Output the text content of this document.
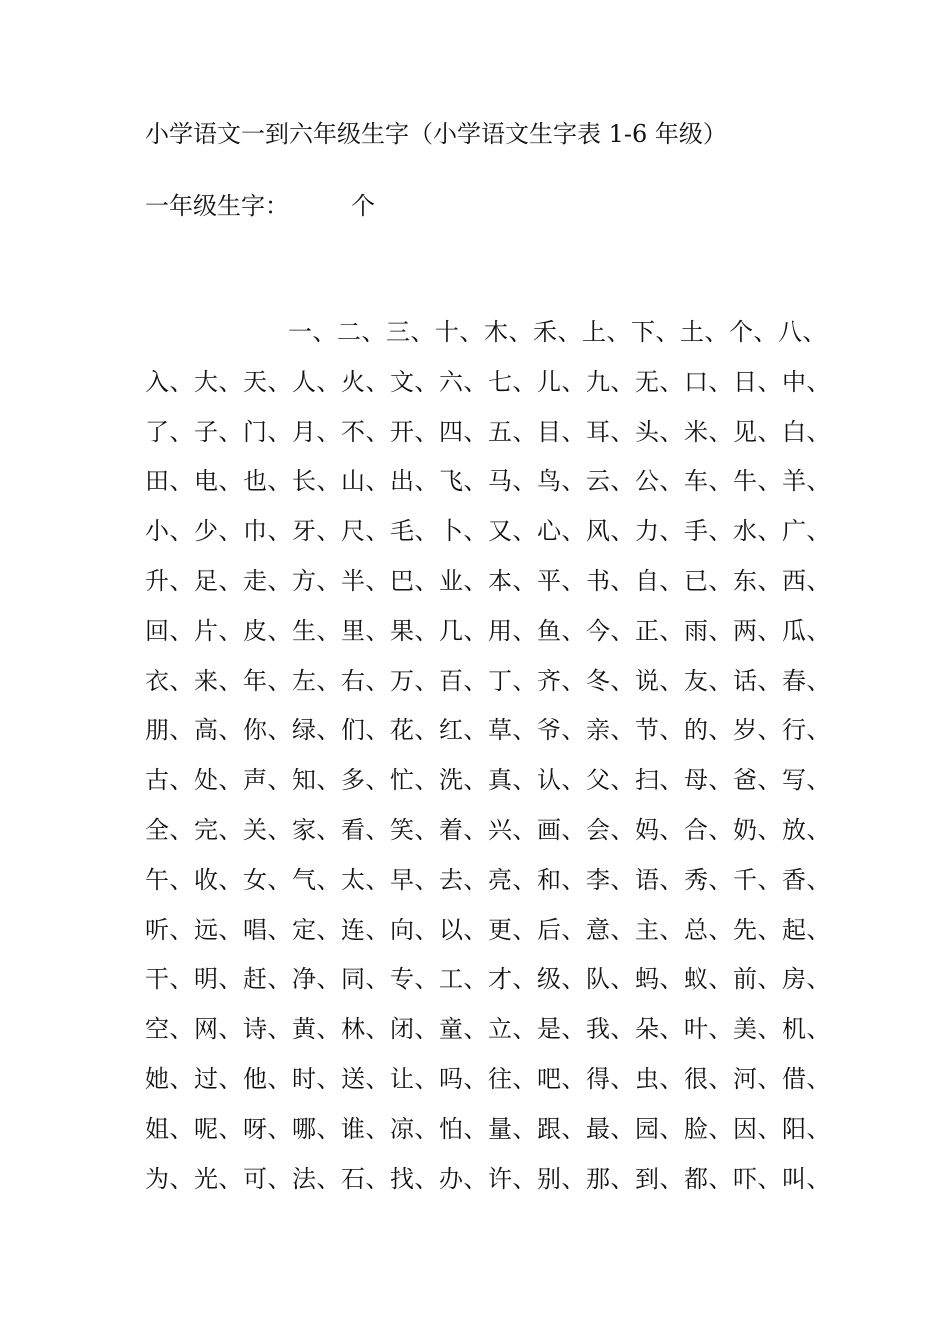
小学语文一到六年级生字（小学语文生字表 1-6 年级）
一年级生字：	个
一、二、三、十、木、禾、上、下、土、个、八、
入、大、天、人、火、文、六、七、儿、九、无、口、日、中、
了、子、门、月、不、开、四、五、目、耳、头、米、见、白、
田、电、也、长、山、出、飞、马、鸟、云、公、车、牛、羊、
小、少、巾、牙、尺、毛、卜、又、心、风、力、手、水、广、
升、足、走、方、半、巴、业、本、平、书、自、已、东、西、
回、片、皮、生、里、果、几、用、鱼、今、正、雨、两、瓜、
衣、来、年、左、右、万、百、丁、齐、冬、说、友、话、春、
朋、高、你、绿、们、花、红、草、爷、亲、节、的、岁、行、
古、处、声、知、多、忙、洗、真、认、父、扫、母、爸、写、
全、完、关、家、看、笑、着、兴、画、会、妈、合、奶、放、
午、收、女、气、太、早、去、亮、和、李、语、秀、千、香、
听、远、唱、定、连、向、以、更、后、意、主、总、先、起、
干、明、赶、净、同、专、工、才、级、队、蚂、蚁、前、房、
空、网、诗、黄、林、闭、童、立、是、我、朵、叶、美、机、
她、过、他、时、送、让、吗、往、吧、得、虫、很、河、借、
姐、呢、呀、哪、谁、凉、怕、量、跟、最、园、脸、因、阳、
为、光、可、法、石、找、办、许、别、那、到、都、吓、叫、
